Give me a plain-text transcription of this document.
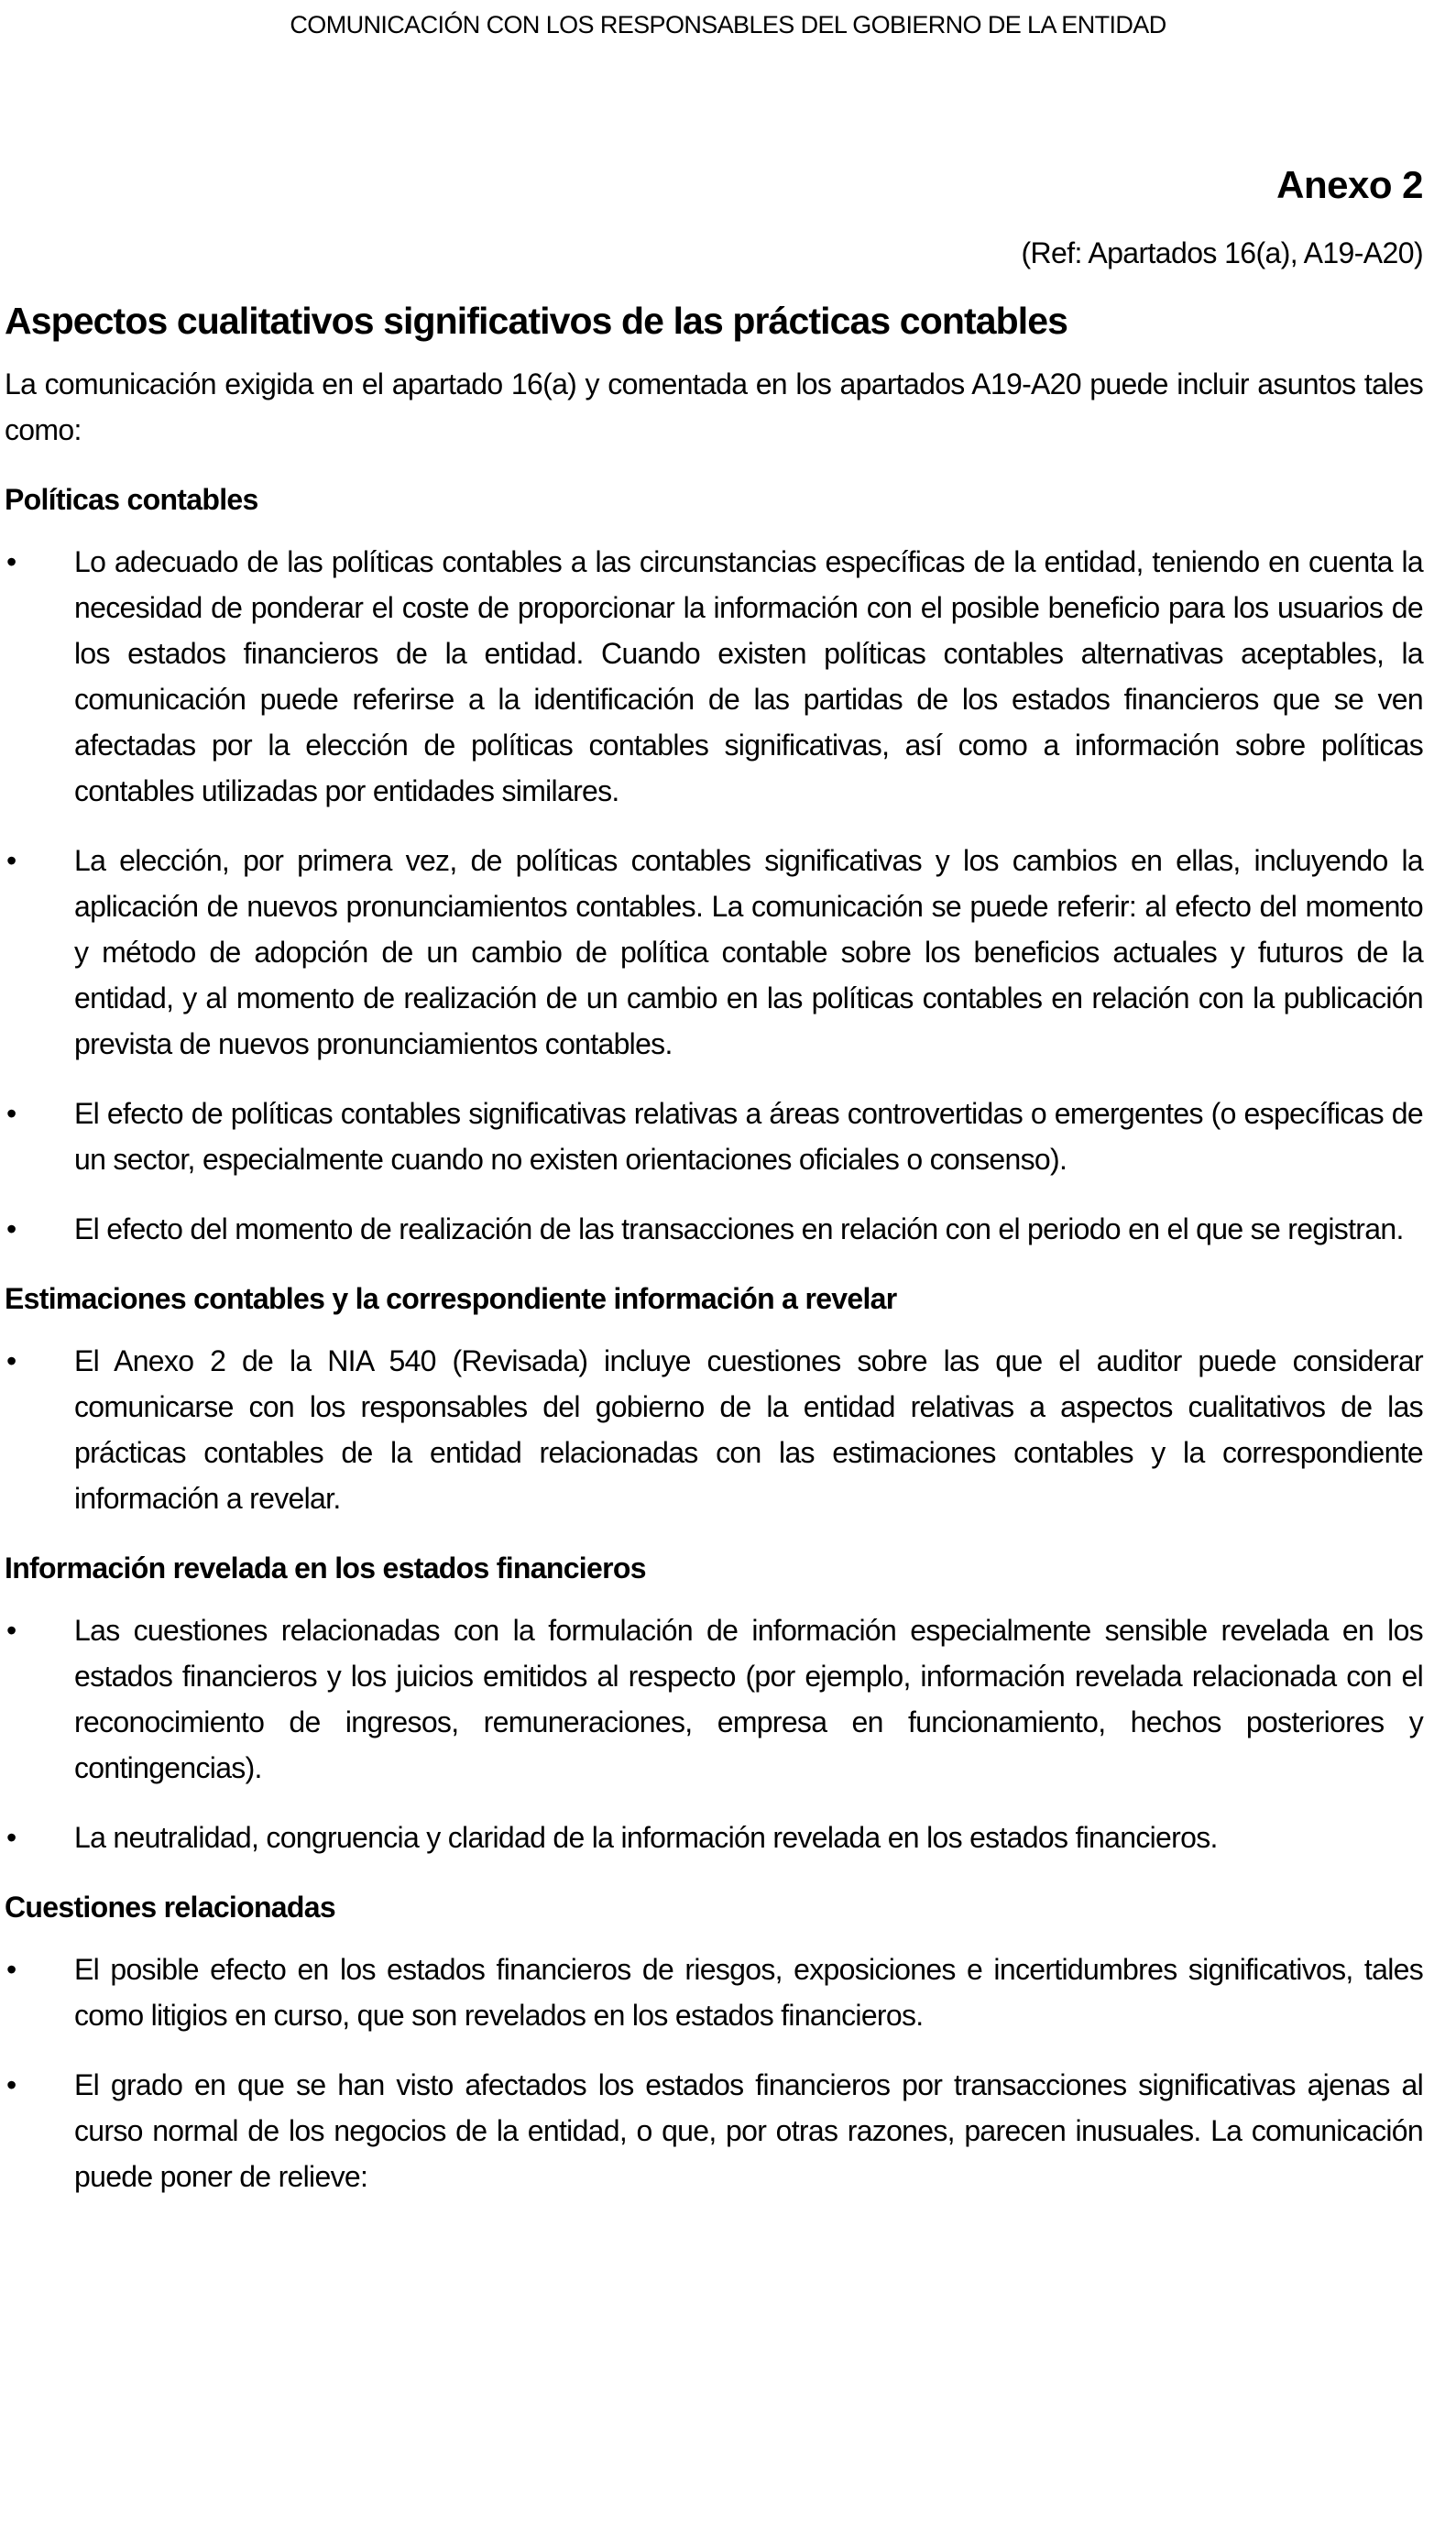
COMUNICACIÓN CON LOS RESPONSABLES DEL GOBIERNO DE LA ENTIDAD
Anexo 2
(Ref: Apartados 16(a), A19-A20)
Aspectos cualitativos significativos de las prácticas contables

La comunicación exigida en el apartado 16(a) y comentada en los apartados A19-A20 puede incluir asuntos tales como:

Políticas contables

• Lo adecuado de las políticas contables a las circunstancias específicas de la entidad, teniendo en cuenta la necesidad de ponderar el coste de proporcionar la información con el posible beneficio para los usuarios de los estados financieros de la entidad. Cuando existen políticas contables alternativas aceptables, la comunicación puede referirse a la identificación de las partidas de los estados financieros que se ven afectadas por la elección de políticas contables significativas, así como a información sobre políticas contables utilizadas por entidades similares.

• La elección, por primera vez, de políticas contables significativas y los cambios en ellas, incluyendo la aplicación de nuevos pronunciamientos contables. La comunicación se puede referir: al efecto del momento y método de adopción de un cambio de política contable sobre los beneficios actuales y futuros de la entidad, y al momento de realización de un cambio en las políticas contables en relación con la publicación prevista de nuevos pronunciamientos contables.

• El efecto de políticas contables significativas relativas a áreas controvertidas o emergentes (o específicas de un sector, especialmente cuando no existen orientaciones oficiales o consenso).

• El efecto del momento de realización de las transacciones en relación con el periodo en el que se registran.

Estimaciones contables y la correspondiente información a revelar

• El Anexo 2 de la NIA 540 (Revisada) incluye cuestiones sobre las que el auditor puede considerar comunicarse con los responsables del gobierno de la entidad relativas a aspectos cualitativos de las prácticas contables de la entidad relacionadas con las estimaciones contables y la correspondiente información a revelar.

Información revelada en los estados financieros

• Las cuestiones relacionadas con la formulación de información especialmente sensible revelada en los estados financieros y los juicios emitidos al respecto (por ejemplo, información revelada relacionada con el reconocimiento de ingresos, remuneraciones, empresa en funcionamiento, hechos posteriores y contingencias).

• La neutralidad, congruencia y claridad de la información revelada en los estados financieros.

Cuestiones relacionadas

• El posible efecto en los estados financieros de riesgos, exposiciones e incertidumbres significativos, tales como litigios en curso, que son revelados en los estados financieros.

• El grado en que se han visto afectados los estados financieros por transacciones significativas ajenas al curso normal de los negocios de la entidad, o que, por otras razones, parecen inusuales. La comunicación puede poner de relieve:
